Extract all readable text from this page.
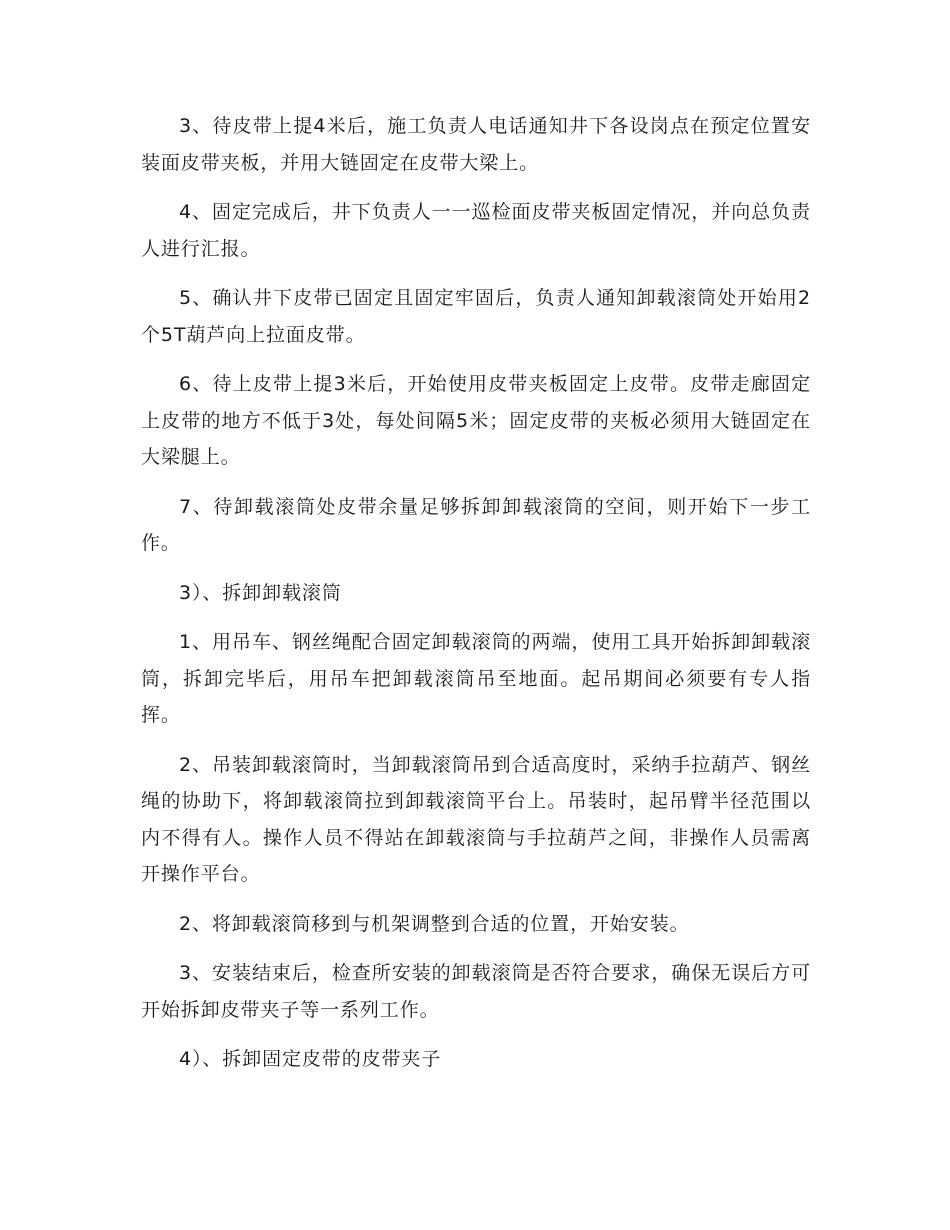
3、待皮带上提4米后，施工负责人电话通知井下各设岗点在预定位置安装面皮带夹板，并用大链固定在皮带大梁上。

4、固定完成后，井下负责人一一巡检面皮带夹板固定情况，并向总负责人进行汇报。

5、确认井下皮带已固定且固定牢固后，负责人通知卸载滚筒处开始用2个5T葫芦向上拉面皮带。

6、待上皮带上提3米后，开始使用皮带夹板固定上皮带。皮带走廊固定上皮带的地方不低于3处，每处间隔5米；固定皮带的夹板必须用大链固定在大梁腿上。

7、待卸载滚筒处皮带余量足够拆卸卸载滚筒的空间，则开始下一步工作。

3）、拆卸卸载滚筒

1、用吊车、钢丝绳配合固定卸载滚筒的两端，使用工具开始拆卸卸载滚筒，拆卸完毕后，用吊车把卸载滚筒吊至地面。起吊期间必须要有专人指挥。

2、吊装卸载滚筒时，当卸载滚筒吊到合适高度时，采纳手拉葫芦、钢丝绳的协助下，将卸载滚筒拉到卸载滚筒平台上。吊装时，起吊臂半径范围以内不得有人。操作人员不得站在卸载滚筒与手拉葫芦之间，非操作人员需离开操作平台。

2、将卸载滚筒移到与机架调整到合适的位置，开始安装。

3、安装结束后，检查所安装的卸载滚筒是否符合要求，确保无误后方可开始拆卸皮带夹子等一系列工作。

4）、拆卸固定皮带的皮带夹子
